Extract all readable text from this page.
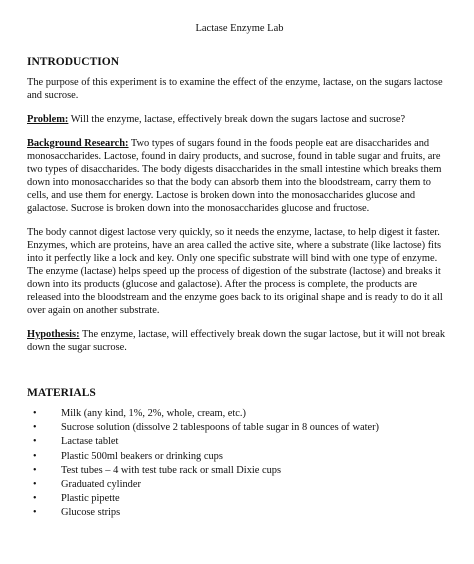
Lactase Enzyme Lab

INTRODUCTION

The purpose of this experiment is to examine the effect of the enzyme, lactase, on the sugars lactose and sucrose.

Problem: Will the enzyme, lactase, effectively break down the sugars lactose and sucrose?

Background Research: Two types of sugars found in the foods people eat are disaccharides and monosaccharides. Lactose, found in dairy products, and sucrose, found in table sugar and fruits, are two types of disaccharides. The body digests disaccharides in the small intestine which breaks them down into monosaccharides so that the body can absorb them into the bloodstream, carry them to cells, and use them for energy. Lactose is broken down into the monosaccharides glucose and galactose. Sucrose is broken down into the monosaccharides glucose and fructose.

The body cannot digest lactose very quickly, so it needs the enzyme, lactase, to help digest it faster. Enzymes, which are proteins, have an area called the active site, where a substrate (like lactose) fits into it perfectly like a lock and key. Only one specific substrate will bind with one type of enzyme. The enzyme (lactase) helps speed up the process of digestion of the substrate (lactose) and breaks it down into its products (glucose and galactose). After the process is complete, the products are released into the bloodstream and the enzyme goes back to its original shape and is ready to do it all over again on another substrate.

Hypothesis: The enzyme, lactase, will effectively break down the sugar lactose, but it will not break down the sugar sucrose.

MATERIALS

• Milk (any kind, 1%, 2%, whole, cream, etc.)
• Sucrose solution (dissolve 2 tablespoons of table sugar in 8 ounces of water)
• Lactase tablet
• Plastic 500ml beakers or drinking cups
• Test tubes – 4 with test tube rack or small Dixie cups
• Graduated cylinder
• Plastic pipette
• Glucose strips
